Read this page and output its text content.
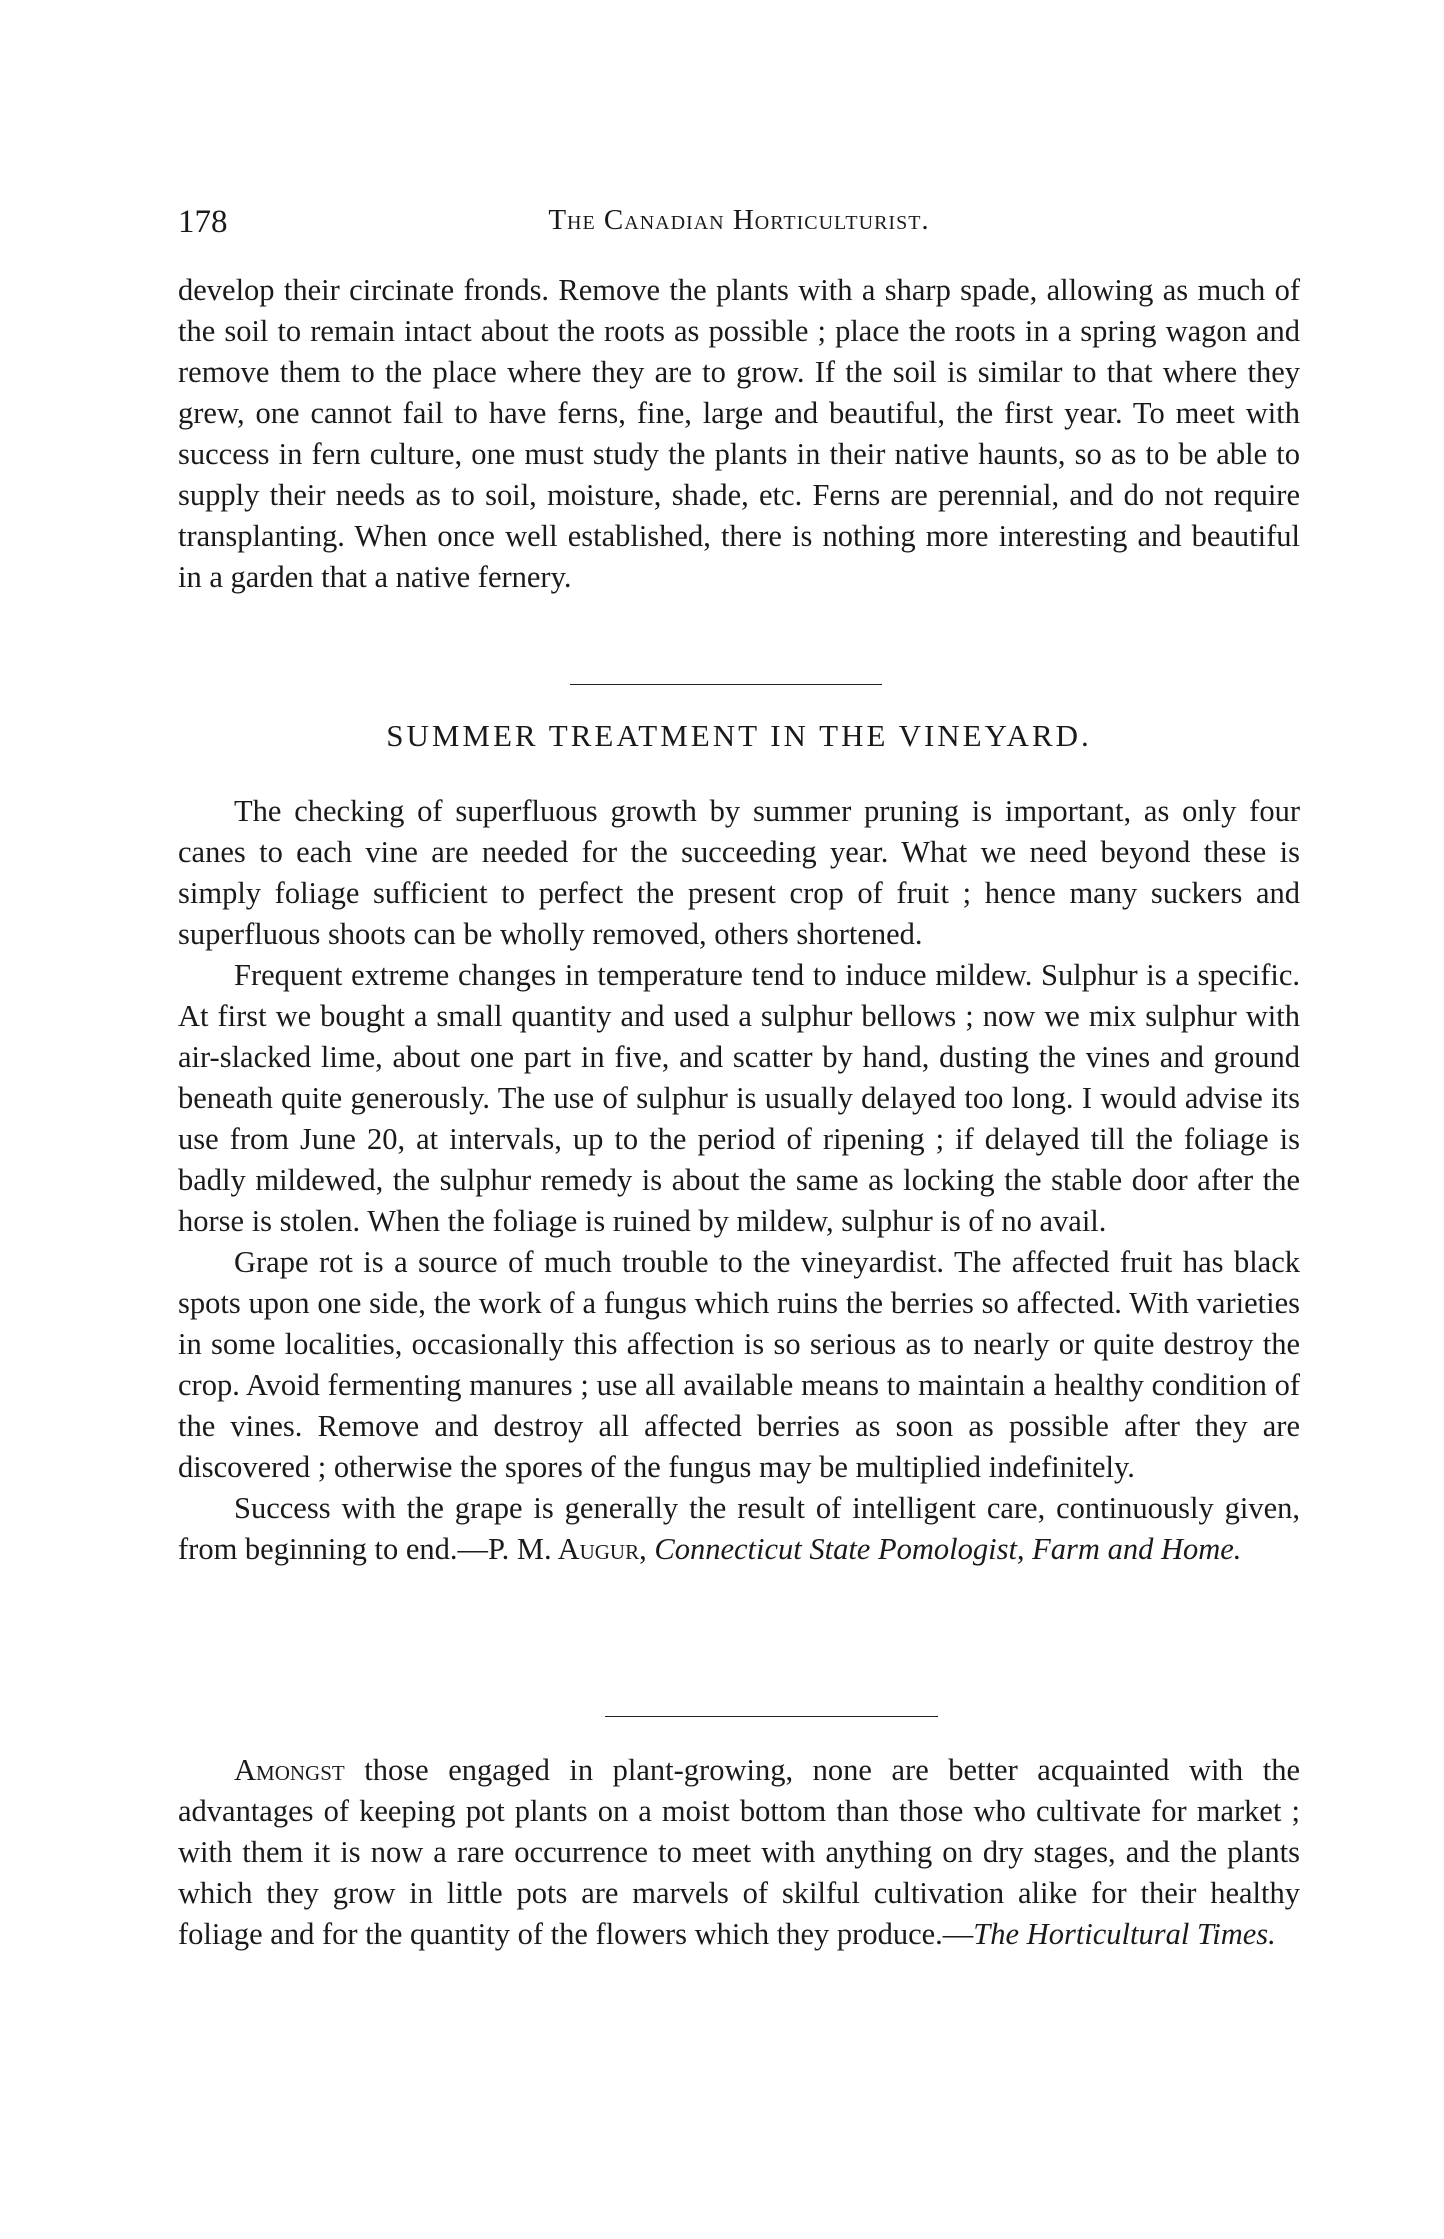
178	The Canadian Horticulturist.

develop their circinate fronds. Remove the plants with a sharp spade, allowing as much of the soil to remain intact about the roots as possible ; place the roots in a spring wagon and remove them to the place where they are to grow. If the soil is similar to that where they grew, one cannot fail to have ferns, fine, large and beautiful, the first year. To meet with success in fern culture, one must study the plants in their native haunts, so as to be able to supply their needs as to soil, moisture, shade, etc. Ferns are perennial, and do not require transplanting. When once well established, there is nothing more interesting and beautiful in a garden that a native fernery.

SUMMER TREATMENT IN THE VINEYARD.

The checking of superfluous growth by summer pruning is important, as only four canes to each vine are needed for the succeeding year. What we need beyond these is simply foliage sufficient to perfect the present crop of fruit ; hence many suckers and superfluous shoots can be wholly removed, others shortened.

Frequent extreme changes in temperature tend to induce mildew. Sulphur is a specific. At first we bought a small quantity and used a sulphur bellows ; now we mix sulphur with air-slacked lime, about one part in five, and scatter by hand, dusting the vines and ground beneath quite generously. The use of sulphur is usually delayed too long. I would advise its use from June 20, at intervals, up to the period of ripening ; if delayed till the foliage is badly mildewed, the sulphur remedy is about the same as locking the stable door after the horse is stolen. When the foliage is ruined by mildew, sulphur is of no avail.

Grape rot is a source of much trouble to the vineyardist. The affected fruit has black spots upon one side, the work of a fungus which ruins the berries so affected. With varieties in some localities, occasionally this affection is so serious as to nearly or quite destroy the crop. Avoid fermenting manures ; use all available means to maintain a healthy condition of the vines. Remove and destroy all affected berries as soon as possible after they are discovered ; otherwise the spores of the fungus may be multiplied indefinitely.

Success with the grape is generally the result of intelligent care, continuously given, from beginning to end.—P. M. Augur, Connecticut State Pomologist, Farm and Home.

Amongst those engaged in plant-growing, none are better acquainted with the advantages of keeping pot plants on a moist bottom than those who cultivate for market ; with them it is now a rare occurrence to meet with anything on dry stages, and the plants which they grow in little pots are marvels of skilful cultivation alike for their healthy foliage and for the quantity of the flowers which they produce.—The Horticultural Times.
